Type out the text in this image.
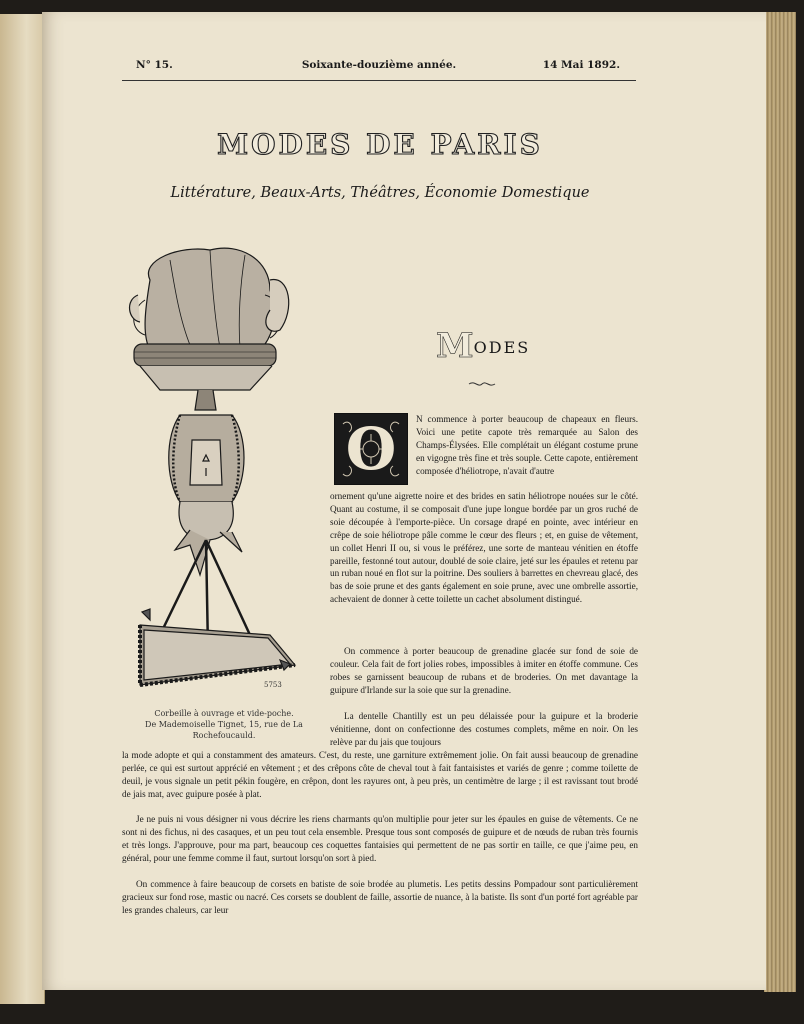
N° 15.	Soixante-douzième année.	14 Mai 1892.
MODES DE PARIS
Littérature, Beaux-Arts, Théâtres, Économie Domestique
5753
Corbeille à ouvrage et vide-poche.
De Mademoiselle Tignet, 15, rue de La Rochefoucauld.
MODES
O	N commence à porter beaucoup de chapeaux en fleurs. Voici une petite capote très remarquée au Salon des Champs-Élysées. Elle complétait un élégant costume prune en vigogne très fine et très souple. Cette capote, entièrement composée d'héliotrope, n'avait d'autre

ornement qu'une aigrette noire et des brides en satin héliotrope nouées sur le côté. Quant au costume, il se composait d'une jupe longue bordée par un gros ruché de soie découpée à l'emporte-pièce. Un corsage drapé en pointe, avec intérieur en crêpe de soie héliotrope pâle comme le cœur des fleurs ; et, en guise de vêtement, un collet Henri II ou, si vous le préférez, une sorte de manteau vénitien en étoffe pareille, festonné tout autour, doublé de soie claire, jeté sur les épaules et retenu par un ruban noué en flot sur la poitrine. Des souliers à barrettes en chevreau glacé, des bas de soie prune et des gants également en soie prune, avec une ombrelle assortie, achevaient de donner à cette toilette un cachet absolument distingué.

On commence à porter beaucoup de grenadine glacée sur fond de soie de couleur. Cela fait de fort jolies robes, impossibles à imiter en étoffe commune. Ces robes se garnissent beaucoup de rubans et de broderies. On met davantage la guipure d'Irlande sur la soie que sur la grenadine.

La dentelle Chantilly est un peu délaissée pour la guipure et la broderie vénitienne, dont on confectionne des costumes complets, même en noir. On les relève par du jais que toujours

la mode adopte et qui a constamment des amateurs. C'est, du reste, une garniture extrêmement jolie. On fait aussi beaucoup de grenadine perlée, ce qui est surtout apprécié en vêtement ; et des crêpons côte de cheval tout à fait fantaisistes et variés de genre ; comme toilette de deuil, je vous signale un petit pékin fougère, en crêpon, dont les rayures ont, à peu près, un centimètre de large ; il est ravissant tout brodé de jais mat, avec guipure posée à plat.

Je ne puis ni vous désigner ni vous décrire les riens charmants qu'on multiplie pour jeter sur les épaules en guise de vêtements. Ce ne sont ni des fichus, ni des casaques, et un peu tout cela ensemble. Presque tous sont composés de guipure et de nœuds de ruban très fournis et très longs. J'approuve, pour ma part, beaucoup ces coquettes fantaisies qui permettent de ne pas sortir en taille, ce que j'aime peu, en général, pour une femme comme il faut, surtout lorsqu'on sort à pied.

On commence à faire beaucoup de corsets en batiste de soie brodée au plumetis. Les petits dessins Pompadour sont particulièrement gracieux sur fond rose, mastic ou nacré. Ces corsets se doublent de faille, assortie de nuance, à la batiste. Ils sont d'un porté fort agréable par les grandes chaleurs, car leur
